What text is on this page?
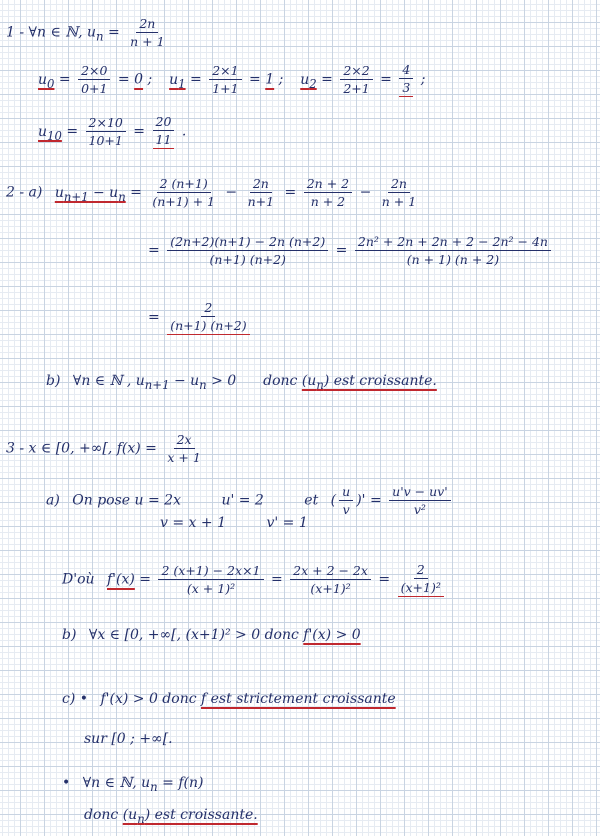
1 - ∀n ∈ ℕ, $u_n = \frac{2n}{n + 1}$
$u_0 = \frac{2\times 0}{0+1} = 0$ ;  $u_1 = \frac{2\times 1}{1+1} = 1$ ;  $u_2 = \frac{2\times 2}{2+1} = \frac{4}{3}$ ;
$u_{10} = \frac{2\times 10}{10+1} = \frac{20}{11}$ .
2 - a) $u_{n+1} - u_n = \frac{2 (n+1)}{(n+1) + 1} - \frac{2n}{n+1} = \frac{2n + 2}{n + 2} - \frac{2n}{n + 1}$
= $\frac{(2n+2)(n+1) - 2n (n+2)}{(n+1) (n+2)} = \frac{\text{2n² + 2n + 2n + 2 − 2n² − 4n}}{(n + 1) (n + 2)}$
= $\frac{2}{(n+1) (n+2)}$
b) ∀n ∈ ℕ , $u_{n+1} - u_n > 0$ donc $(u_n)$ est croissante.
3 - x ∈ [0, +∞[, $f(x) = \frac{2x}{x + 1}$
a) On pose u = 2x	u' = 2	et ( $\frac{u}{v}$ )' = $\frac{u'v - uv'}{\text{v²}}$
v = x + 1	v' = 1
D'où $f'(x) = \frac{2 (x+1) - 2x\times 1}{\text{(x + 1)²}} = \frac{2x + 2 - 2x}{\text{(x+1)²}} = \frac{2}{\text{(x+1)²}}$
b) ∀x ∈ [0, +∞[, (x+1)² > 0 donc f'(x) > 0
c) • f'(x) > 0 donc f est strictement croissante
sur [0 ; +∞[.
• ∀n ∈ ℕ, $u_n = f(n)$
donc $(u_n)$ est croissante.
